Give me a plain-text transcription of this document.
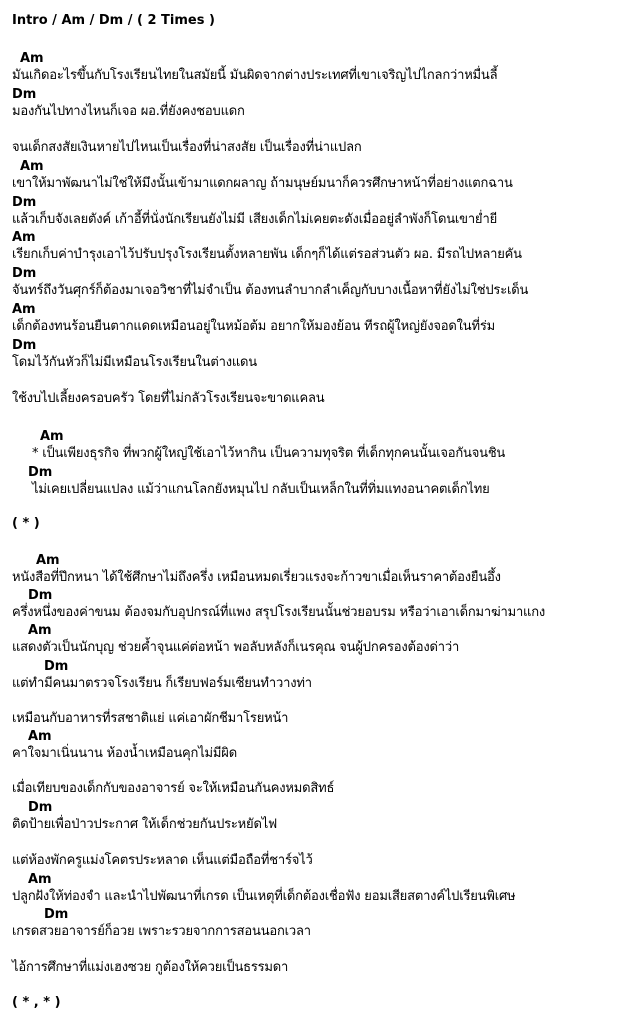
Intro / Am / Dm / ( 2 Times )
Am
มันเกิดอะไรขึ้นกับโรงเรียนไทยในสมัยนี้ มันผิดจากต่างประเทศที่เขาเจริญไปไกลกว่าหมื่นลี้
Dm
มองกันไปทางไหนก็เจอ ผอ.ที่ยังคงชอบแดก
จนเด็กสงสัยเงินหายไปไหนเป็นเรื่องที่น่าสงสัย เป็นเรื่องที่น่าแปลก
Am
เขาให้มาพัฒนาไม่ใช่ให้มึงนั้นเข้ามาแดกผลาญ ถ้ามนุษย์มนาก็ควรศึกษาหน้าที่อย่างแตกฉาน
Dm
แล้วเก็บจังเลยตังค์ เก้าอี้ที่นั่งนักเรียนยังไม่มี เสียงเด็กไม่เคยตะดังเมื่ออยู่ลำพังก็โดนเขาย่ำยี
Am
เรียกเก็บค่าบำรุงเอาไว้ปรับปรุงโรงเรียนตั้งหลายพัน เด็กๆก็ได้แต่รอส่วนตัว ผอ. มีรถไปหลายคัน
Dm
จันทร์ถึงวันศุกร์ก็ต้องมาเจอวิชาที่ไม่จำเป็น ต้องทนลำบากลำเค็ญกับบางเนื้อหาที่ยังไม่ใช่ประเด็น
Am
เด็กต้องทนร้อนยืนตากแดดเหมือนอยู่ในหม้อต้ม อยากให้มองย้อน ทีรถผู้ใหญ่ยังจอดในที่ร่ม
Dm
โดมไว้กันหัวก็ไม่มีเหมือนโรงเรียนในต่างแดน
ใช้งบไปเลี้ยงครอบครัว โดยที่ไม่กลัวโรงเรียนจะขาดแคลน
Am
* เป็นเพียงธุรกิจ ที่พวกผู้ใหญ่ใช้เอาไว้หากิน เป็นความทุจริต ที่เด็กทุกคนนั้นเจอกันจนชิน
Dm
ไม่เคยเปลี่ยนแปลง แม้ว่าแกนโลกยังหมุนไป กลับเป็นเหล็กในที่ทิ่มแทงอนาคตเด็กไทย
( * )
Am
หนังสือที่ปึกหนา ได้ใช้ศึกษาไม่ถึงครึ่ง เหมือนหมดเรี่ยวแรงจะก้าวขาเมื่อเห็นราคาต้องยืนอึ้ง
Dm
ครึ่งหนึ่งของค่าขนม ต้องจมกับอุปกรณ์ที่แพง สรุปโรงเรียนนั้นช่วยอบรม หรือว่าเอาเด็กมาฆ่ามาแกง
Am
แสดงตัวเป็นนักบุญ ช่วยค้ำจุนแค่ต่อหน้า พอลับหลังก็เนรคุณ จนผู้ปกครองต้องด่าว่า
Dm
แต่ทำมีคนมาตรวจโรงเรียน ก็เรียบฟอร์มเซียนทำวางท่า
เหมือนกับอาหารที่รสชาติแย่ แค่เอาผักชีมาโรยหน้า
Am
คาใจมาเนิ่นนาน ห้องน้ำเหมือนคุกไม่มีผิด
เมื่อเทียบของเด็กกับของอาจารย์ จะให้เหมือนกันคงหมดสิทธ์
Dm
ติดป้ายเพื่อป่าวประกาศ ให้เด็กช่วยกันประหยัดไฟ
แต่ห้องพักครูแม่งโคตรประหลาด เห็นแต่มือถือที่ชาร์จไว้
Am
ปลูกฝังให้ท่องจำ และนำไปพัฒนาที่เกรด เป็นเหตุที่เด็กต้องเชื่อฟัง ยอมเสียสตางค์ไปเรียนพิเศษ
Dm
เกรดสวยอาจารย์ก็อวย เพราะรวยจากการสอนนอกเวลา
ไอ้การศึกษาที่แม่งเฮงซวย กูต้องให้ควยเป็นธรรมดา
( * , * )
